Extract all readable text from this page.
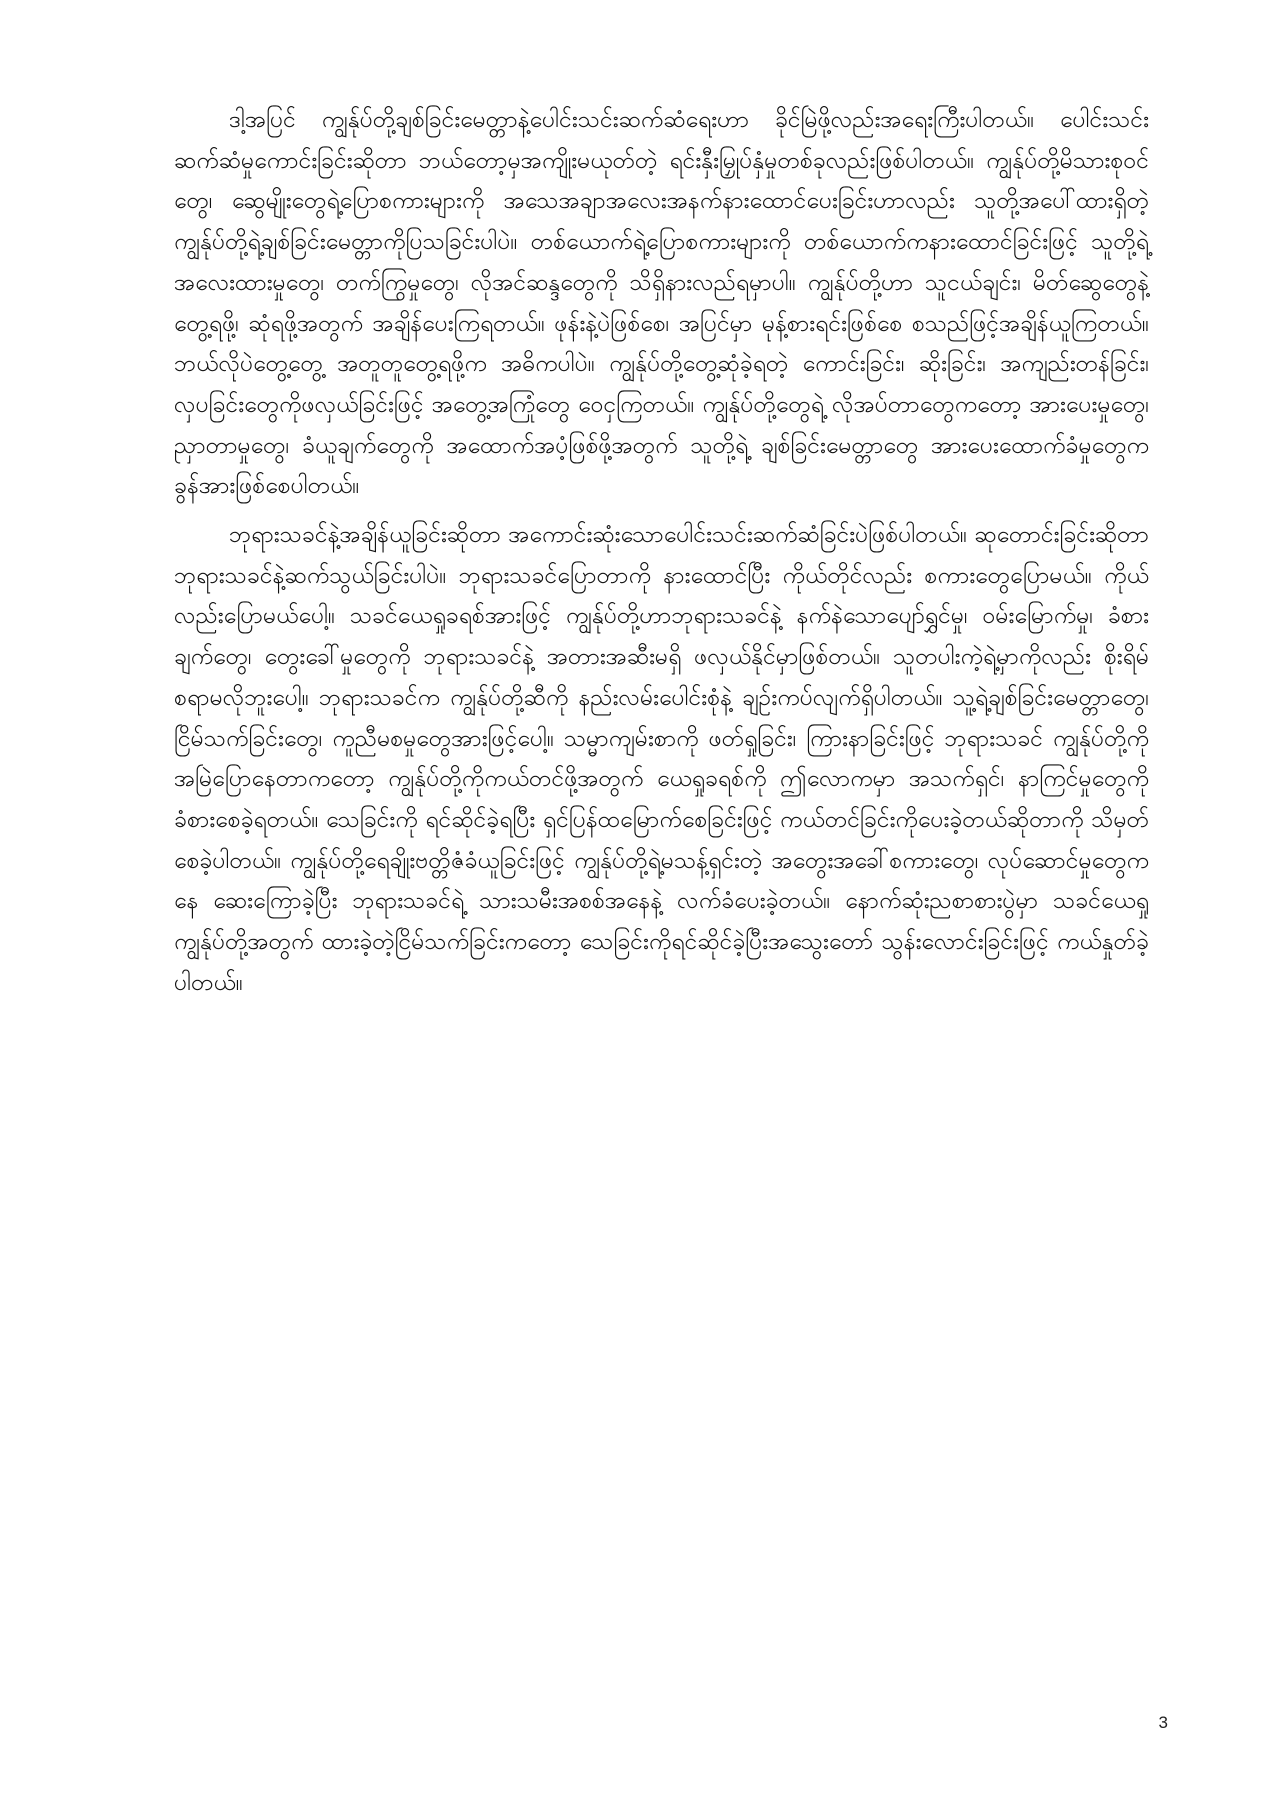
ဒါ့အပြင် ကျွန်ုပ်တို့ချစ်ခြင်းမေတ္တာနဲ့ပေါင်းသင်းဆက်ဆံရေးဟာ ခိုင်မြဲဖို့လည်းအရေးကြီးပါတယ်။ ပေါင်းသင်းဆက်ဆံမှုကောင်းခြင်းဆိုတာ ဘယ်တော့မှအကျိုးမယုတ်တဲ့ ရင်းနှီးမြှုပ်နှံမှုတစ်ခုလည်းဖြစ်ပါတယ်။ ကျွန်ုပ်တို့မိသားစုဝင်တွေ၊ ဆွေမျိုးတွေရဲ့ပြောစကားများကို အသေအချာအလေးအနက်နားထောင်ပေးခြင်းဟာလည်း သူတို့အပေါ်ထားရှိတဲ့ ကျွန်ုပ်တို့ရဲ့ချစ်ခြင်းမေတ္တာကိုပြသခြင်းပါပဲ။ တစ်ယောက်ရဲ့ပြောစကားများကို တစ်ယောက်ကနားထောင်ခြင်းဖြင့် သူတို့ရဲ့အလေးထားမှုတွေ၊ တက်ကြွမှုတွေ၊ လိုအင်ဆန္ဒတွေကို သိရှိနားလည်ရမှာပါ။ ကျွန်ုပ်တို့ဟာ သူငယ်ချင်း၊ မိတ်ဆွေတွေနဲ့တွေ့ရဖို့၊ ဆုံရဖို့အတွက် အချိန်ပေးကြရတယ်။ ဖုန်းနဲ့ပဲဖြစ်စေ၊ အပြင်မှာ မုန့်စားရင်းဖြစ်စေ စသည်ဖြင့်အချိန်ယူကြတယ်။ ဘယ်လိုပဲတွေ့တွေ့ အတူတူတွေ့ရဖို့က အဓိကပါပဲ။ ကျွန်ုပ်တို့တွေ့ဆုံခဲ့ရတဲ့ ကောင်းခြင်း၊ ဆိုးခြင်း၊ အကျည်းတန်ခြင်း၊ လှပခြင်းတွေကိုဖလှယ်ခြင်းဖြင့် အတွေ့အကြုံတွေ ဝေငှကြတယ်။ ကျွန်ုပ်တို့တွေရဲ့ လိုအပ်တာတွေကတော့ အားပေးမှုတွေ၊ ညှာတာမှုတွေ၊ ခံယူချက်တွေကို အထောက်အပံ့ဖြစ်ဖို့အတွက် သူတို့ရဲ့ ချစ်ခြင်းမေတ္တာတွေ အားပေးထောက်ခံမှုတွေက ခွန်အားဖြစ်စေပါတယ်။

ဘုရားသခင်နဲ့အချိန်ယူခြင်းဆိုတာ အကောင်းဆုံးသောပေါင်းသင်းဆက်ဆံခြင်းပဲဖြစ်ပါတယ်။ ဆုတောင်းခြင်းဆိုတာ ဘုရားသခင်နဲ့ဆက်သွယ်ခြင်းပါပဲ။ ဘုရားသခင်ပြောတာကို နားထောင်ပြီး ကိုယ်တိုင်လည်း စကားတွေပြောမယ်။ ကိုယ်လည်းပြောမယ်ပေါ့။ သခင်ယေရှုခရစ်အားဖြင့် ကျွန်ုပ်တို့ဟာဘုရားသခင်နဲ့ နက်နဲသောပျော်ရွှင်မှု၊ ဝမ်းမြောက်မှု၊ ခံစားချက်တွေ၊ တွေးခေါ်မှုတွေကို ဘုရားသခင်နဲ့ အတားအဆီးမရှိ ဖလှယ်နိုင်မှာဖြစ်တယ်။ သူတပါးကဲ့ရဲ့မှာကိုလည်း စိုးရိမ်စရာမလိုဘူးပေါ့။ ဘုရားသခင်က ကျွန်ုပ်တို့ဆီကို နည်းလမ်းပေါင်းစုံနဲ့ ချဉ်းကပ်လျက်ရှိပါတယ်။ သူ့ရဲ့ချစ်ခြင်းမေတ္တာတွေ၊ ငြိမ်သက်ခြင်းတွေ၊ ကူညီမစမှုတွေအားဖြင့်ပေါ့။ သမ္မာကျမ်းစာကို ဖတ်ရှုခြင်း၊ ကြားနာခြင်းဖြင့် ဘုရားသခင် ကျွန်ုပ်တို့ကိုအမြဲပြောနေတာကတော့ ကျွန်ုပ်တို့ကိုကယ်တင်ဖို့အတွက် ယေရှုခရစ်ကို ဤလောကမှာ အသက်ရှင်၊ နာကြင်မှုတွေကို ခံစားစေခဲ့ရတယ်။ သေခြင်းကို ရင်ဆိုင်ခဲ့ရပြီး ရှင်ပြန်ထမြောက်စေခြင်းဖြင့် ကယ်တင်ခြင်းကိုပေးခဲ့တယ်ဆိုတာကို သိမှတ်စေခဲ့ပါတယ်။ ကျွန်ုပ်တို့ရေချိုးဗတ္တိဇံခံယူခြင်းဖြင့် ကျွန်ုပ်တို့ရဲ့မသန့်ရှင်းတဲ့ အတွေးအခေါ်စကားတွေ၊ လုပ်ဆောင်မှုတွေကနေ ဆေးကြောခဲ့ပြီး ဘုရားသခင်ရဲ့ သားသမီးအစစ်အနေနဲ့ လက်ခံပေးခဲ့တယ်။ နောက်ဆုံးညစာစားပွဲမှာ သခင်ယေရှုကျွန်ုပ်တို့အတွက် ထားခဲ့တဲ့ငြိမ်သက်ခြင်းကတော့ သေခြင်းကိုရင်ဆိုင်ခဲ့ပြီးအသွေးတော် သွန်းလောင်းခြင်းဖြင့် ကယ်နှုတ်ခဲ့ပါတယ်။

3
